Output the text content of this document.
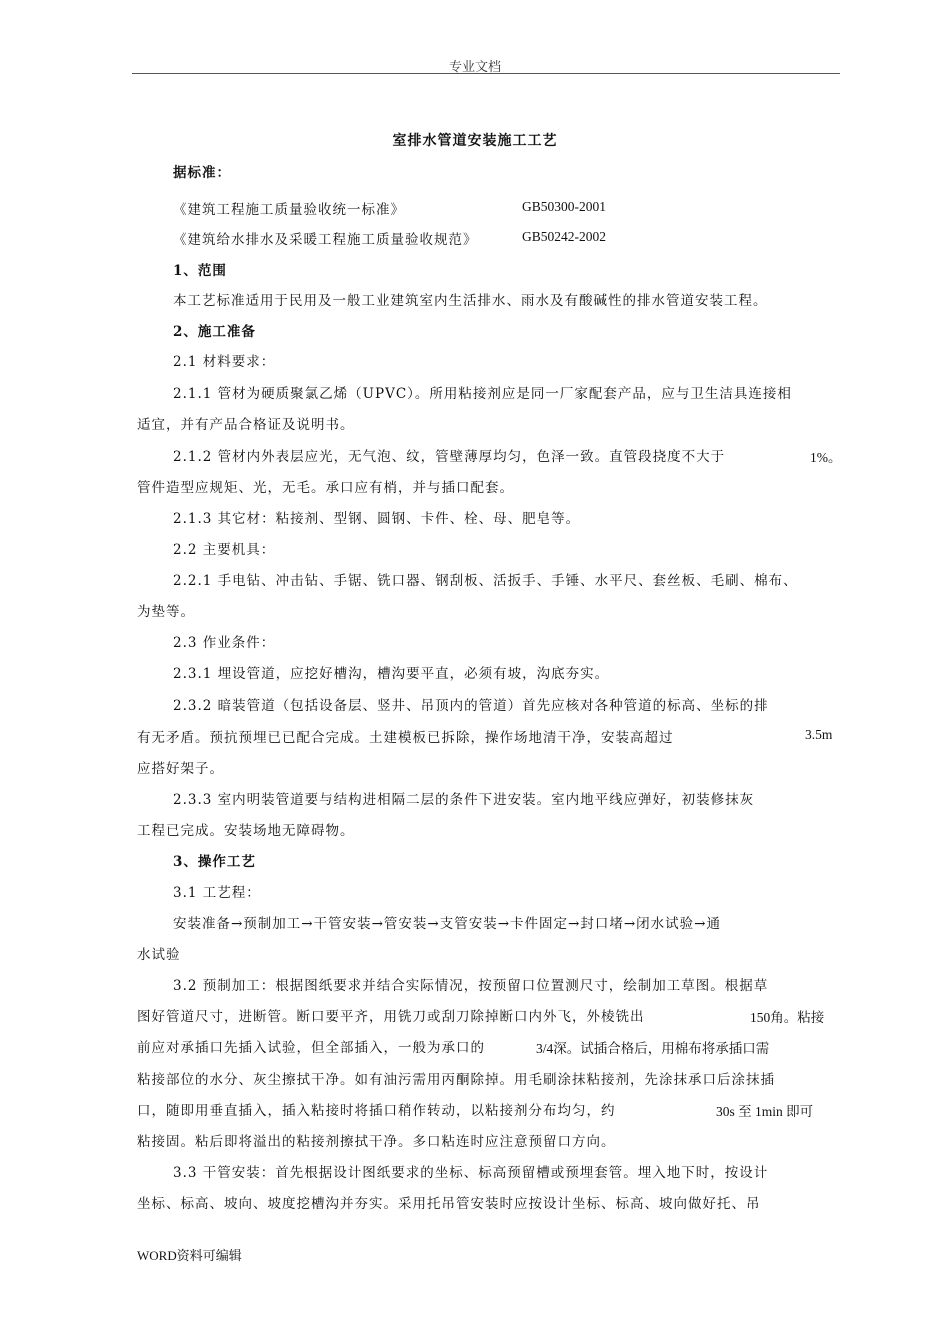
专业文档
室排水管道安装施工工艺
据标准：
《建筑工程施工质量验收统一标准》	GB50300-2001
《建筑给水排水及采暖工程施工质量验收规范》	GB50242-2002
1、范围
本工艺标准适用于民用及一般工业建筑室内生活排水、雨水及有酸碱性的排水管道安装工程。
2、施工准备
2.1 材料要求：
2.1.1 管材为硬质聚氯乙烯（UPVC）。所用粘接剂应是同一厂家配套产品，应与卫生洁具连接相
适宜，并有产品合格证及说明书。
2.1.2 管材内外表层应光，无气泡、纹，管壁薄厚均匀，色泽一致。直管段挠度不大于	1%。
管件造型应规矩、光，无毛。承口应有梢，并与插口配套。
2.1.3 其它材：粘接剂、型钢、圆钢、卡件、栓、母、肥皂等。
2.2 主要机具：
2.2.1 手电钻、冲击钻、手锯、铣口器、钢刮板、活扳手、手锤、水平尺、套丝板、毛刷、棉布、
为垫等。
2.3 作业条件：
2.3.1 埋设管道，应挖好槽沟，槽沟要平直，必须有坡，沟底夯实。
2.3.2 暗装管道（包括设备层、竖井、吊顶内的管道）首先应核对各种管道的标高、坐标的排
有无矛盾。预抗预埋已已配合完成。土建模板已拆除，操作场地清干净，安装高超过	3.5m
应搭好架子。
2.3.3 室内明装管道要与结构进相隔二层的条件下进安装。室内地平线应弹好，初装修抹灰
工程已完成。安装场地无障碍物。
3、操作工艺
3.1 工艺程：
安装准备→预制加工→干管安装→管安装→支管安装→卡件固定→封口堵→闭水试验→通
水试验
3.2 预制加工：根据图纸要求并结合实际情况，按预留口位置测尺寸，绘制加工草图。根据草
图好管道尺寸，进断管。断口要平齐，用铣刀或刮刀除掉断口内外飞，外棱铣出	150角。粘接
前应对承插口先插入试验，但全部插入，一般为承口的	3/4深。试插合格后，用棉布将承插口需
粘接部位的水分、灰尘擦拭干净。如有油污需用丙酮除掉。用毛刷涂抹粘接剂，先涂抹承口后涂抹插
口，随即用垂直插入，插入粘接时将插口稍作转动，以粘接剂分布均匀，约	30s 至 1min 即可
粘接固。粘后即将溢出的粘接剂擦拭干净。多口粘连时应注意预留口方向。
3.3 干管安装：首先根据设计图纸要求的坐标、标高预留槽或预埋套管。埋入地下时，按设计
坐标、标高、坡向、坡度挖槽沟并夯实。采用托吊管安装时应按设计坐标、标高、坡向做好托、吊
WORD资料可编辑
